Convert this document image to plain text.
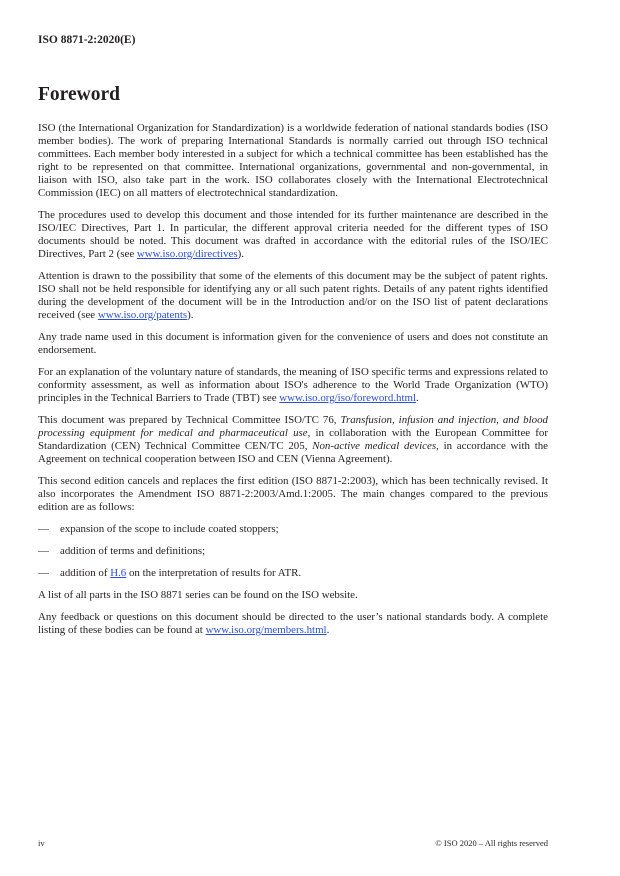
ISO 8871-2:2020(E)
Foreword

ISO (the International Organization for Standardization) is a worldwide federation of national standards bodies (ISO member bodies). The work of preparing International Standards is normally carried out through ISO technical committees. Each member body interested in a subject for which a technical committee has been established has the right to be represented on that committee. International organizations, governmental and non-governmental, in liaison with ISO, also take part in the work. ISO collaborates closely with the International Electrotechnical Commission (IEC) on all matters of electrotechnical standardization.

The procedures used to develop this document and those intended for its further maintenance are described in the ISO/IEC Directives, Part 1. In particular, the different approval criteria needed for the different types of ISO documents should be noted. This document was drafted in accordance with the editorial rules of the ISO/IEC Directives, Part 2 (see www.iso.org/directives).

Attention is drawn to the possibility that some of the elements of this document may be the subject of patent rights. ISO shall not be held responsible for identifying any or all such patent rights. Details of any patent rights identified during the development of the document will be in the Introduction and/or on the ISO list of patent declarations received (see www.iso.org/patents).

Any trade name used in this document is information given for the convenience of users and does not constitute an endorsement.

For an explanation of the voluntary nature of standards, the meaning of ISO specific terms and expressions related to conformity assessment, as well as information about ISO's adherence to the World Trade Organization (WTO) principles in the Technical Barriers to Trade (TBT) see www.iso.org/iso/foreword.html.

This document was prepared by Technical Committee ISO/TC 76, Transfusion, infusion and injection, and blood processing equipment for medical and pharmaceutical use, in collaboration with the European Committee for Standardization (CEN) Technical Committee CEN/TC 205, Non-active medical devices, in accordance with the Agreement on technical cooperation between ISO and CEN (Vienna Agreement).

This second edition cancels and replaces the first edition (ISO 8871-2:2003), which has been technically revised. It also incorporates the Amendment ISO 8871-2:2003/Amd.1:2005. The main changes compared to the previous edition are as follows:

—	expansion of the scope to include coated stoppers;
—	addition of terms and definitions;
—	addition of H.6 on the interpretation of results for ATR.

A list of all parts in the ISO 8871 series can be found on the ISO website.

Any feedback or questions on this document should be directed to the user’s national standards body. A complete listing of these bodies can be found at www.iso.org/members.html.

iv	© ISO 2020 – All rights reserved
